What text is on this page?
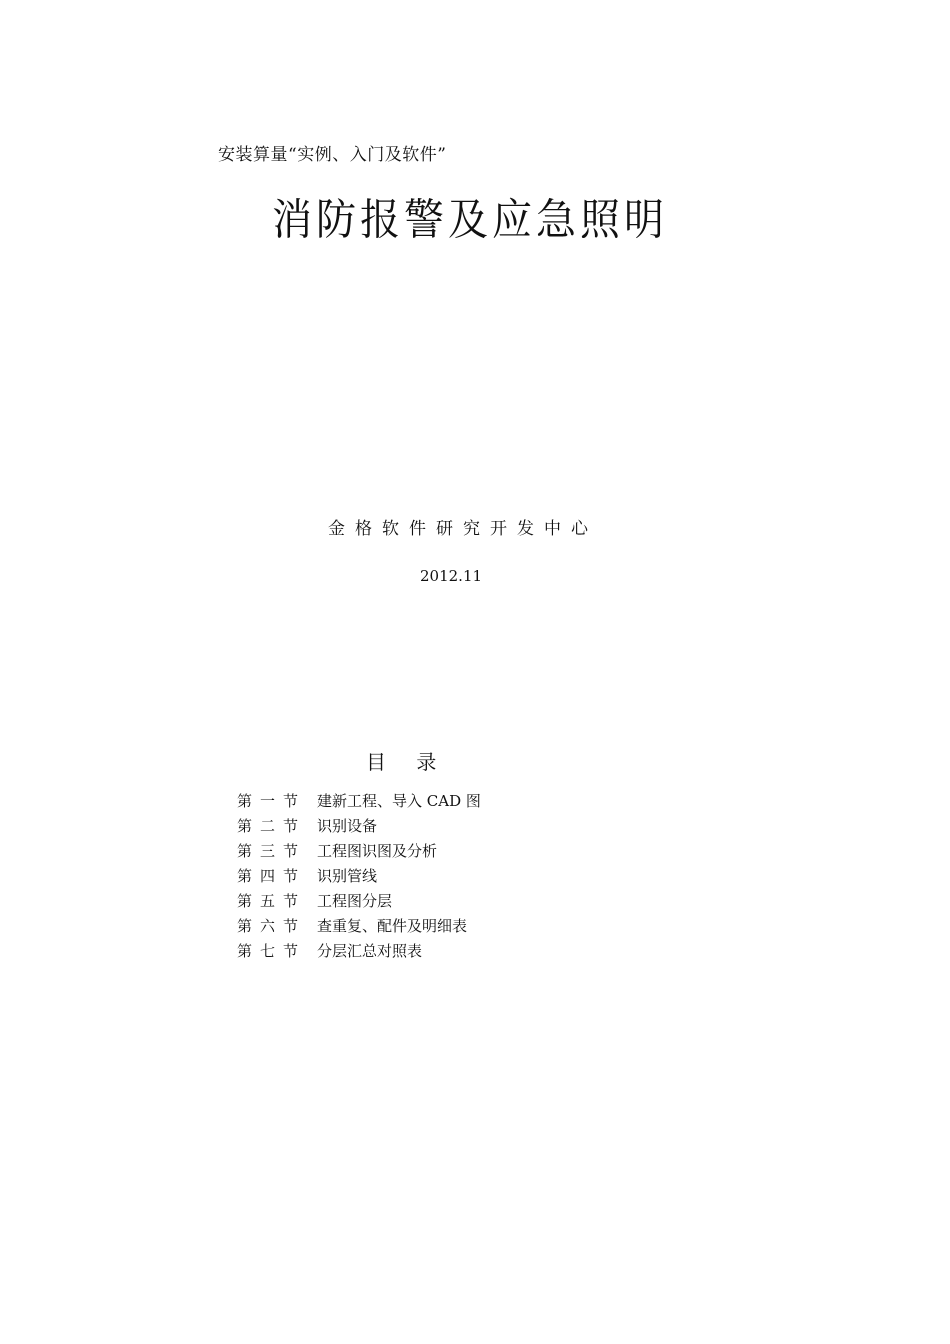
安装算量“实例、入门及软件”
消防报警及应急照明
金格软件研究开发中心
2012.11
目 录
第一节 建新工程、导入 CAD 图
第二节 识别设备
第三节 工程图识图及分析
第四节 识别管线
第五节 工程图分层
第六节 查重复、配件及明细表
第七节 分层汇总对照表
